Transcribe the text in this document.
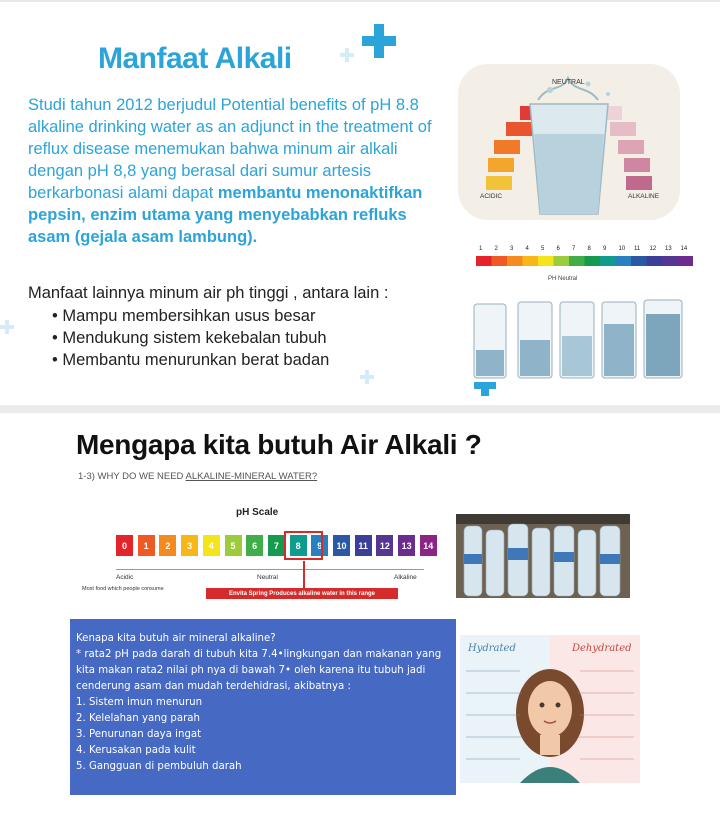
Manfaat Alkali

Studi tahun 2012 berjudul Potential benefits of pH 8.8 alkaline drinking water as an adjunct in the treatment of reflux disease menemukan bahwa minum air alkali dengan pH 8,8 yang berasal dari sumur artesis berkarbonasi alami dapat membantu menonaktifkan pepsin, enzim utama yang menyebabkan refluks asam (gejala asam lambung).

Manfaat lainnya minum air ph tinggi , antara lain :

• Mampu membersihkan usus besar
• Mendukung sistem kekebalan tubuh
• Membantu menurunkan berat badan
NEUTRAL
ACIDIC	ALKALINE
1 2 3 4 5 6 7 8 9 10 11 12 13 14
PH Neutral
Mengapa kita butuh Air Alkali ?

1-3) WHY DO WE NEED ALKALINE-MINERAL WATER?

pH Scale
0	1	2	3	4	5	6	7	8	9	10	11	12	13	14
Acidic	Neutral	Alkaline
Most food which people consume
Envita Spring Produces alkaline water in this range

Kenapa kita butuh air mineral alkaline?

* rata2 pH pada darah di tubuh kita 7.4•lingkungan dan makanan yang kita makan rata2 nilai ph nya di bawah 7• oleh karena itu tubuh jadi cenderung asam dan mudah terdehidrasi, akibatnya :

1. Sistem imun menurun
2. Kelelahan yang parah
3. Penurunan daya ingat
4. Kerusakan pada kulit
5. Gangguan di pembuluh darah
Hydrated	Dehydrated
